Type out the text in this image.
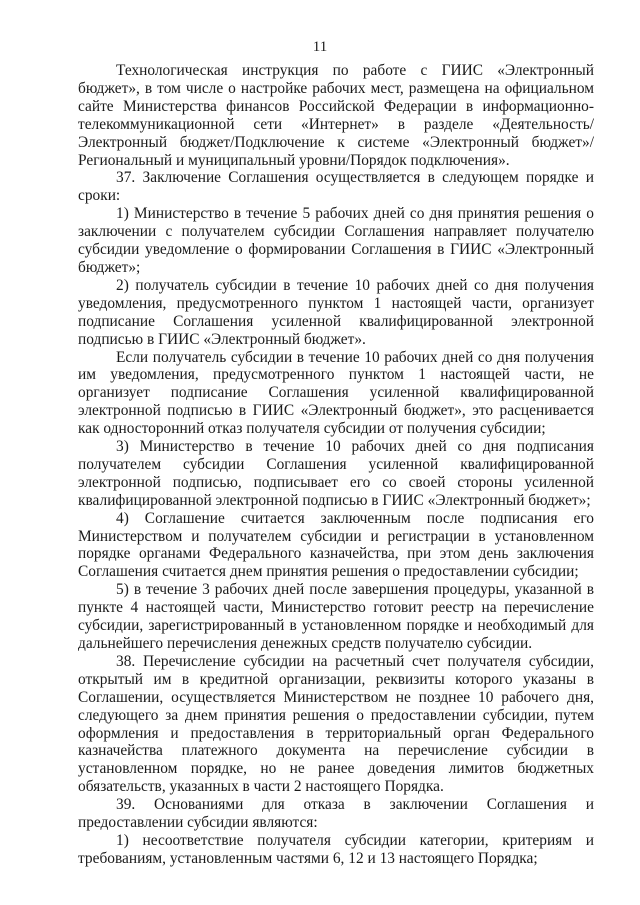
11

Технологическая инструкция по работе с ГИИС «Электронный бюджет», в том числе о настройке рабочих мест, размещена на официальном сайте Министерства финансов Российской Федерации в информационно-телекоммуникационной сети «Интернет» в разделе «Деятельность/Электронный бюджет/Подключение к системе «Электронный бюджет»/Региональный и муниципальный уровни/Порядок подключения».

37. Заключение Соглашения осуществляется в следующем порядке и сроки:

1) Министерство в течение 5 рабочих дней со дня принятия решения о заключении с получателем субсидии Соглашения направляет получателю субсидии уведомление о формировании Соглашения в ГИИС «Электронный бюджет»;

2) получатель субсидии в течение 10 рабочих дней со дня получения уведомления, предусмотренного пунктом 1 настоящей части, организует подписание Соглашения усиленной квалифицированной электронной подписью в ГИИС «Электронный бюджет».

Если получатель субсидии в течение 10 рабочих дней со дня получения им уведомления, предусмотренного пунктом 1 настоящей части, не организует подписание Соглашения усиленной квалифицированной электронной подписью в ГИИС «Электронный бюджет», это расценивается как односторонний отказ получателя субсидии от получения субсидии;

3) Министерство в течение 10 рабочих дней со дня подписания получателем субсидии Соглашения усиленной квалифицированной электронной подписью, подписывает его со своей стороны усиленной квалифицированной электронной подписью в ГИИС «Электронный бюджет»;

4) Соглашение считается заключенным после подписания его Министерством и получателем субсидии и регистрации в установленном порядке органами Федерального казначейства, при этом день заключения Соглашения считается днем принятия решения о предоставлении субсидии;

5) в течение 3 рабочих дней после завершения процедуры, указанной в пункте 4 настоящей части, Министерство готовит реестр на перечисление субсидии, зарегистрированный в установленном порядке и необходимый для дальнейшего перечисления денежных средств получателю субсидии.

38. Перечисление субсидии на расчетный счет получателя субсидии, открытый им в кредитной организации, реквизиты которого указаны в Соглашении, осуществляется Министерством не позднее 10 рабочего дня, следующего за днем принятия решения о предоставлении субсидии, путем оформления и предоставления в территориальный орган Федерального казначейства платежного документа на перечисление субсидии в установленном порядке, но не ранее доведения лимитов бюджетных обязательств, указанных в части 2 настоящего Порядка.

39. Основаниями для отказа в заключении Соглашения и предоставлении субсидии являются:

1) несоответствие получателя субсидии категории, критериям и требованиям, установленным частями 6, 12 и 13 настоящего Порядка;
